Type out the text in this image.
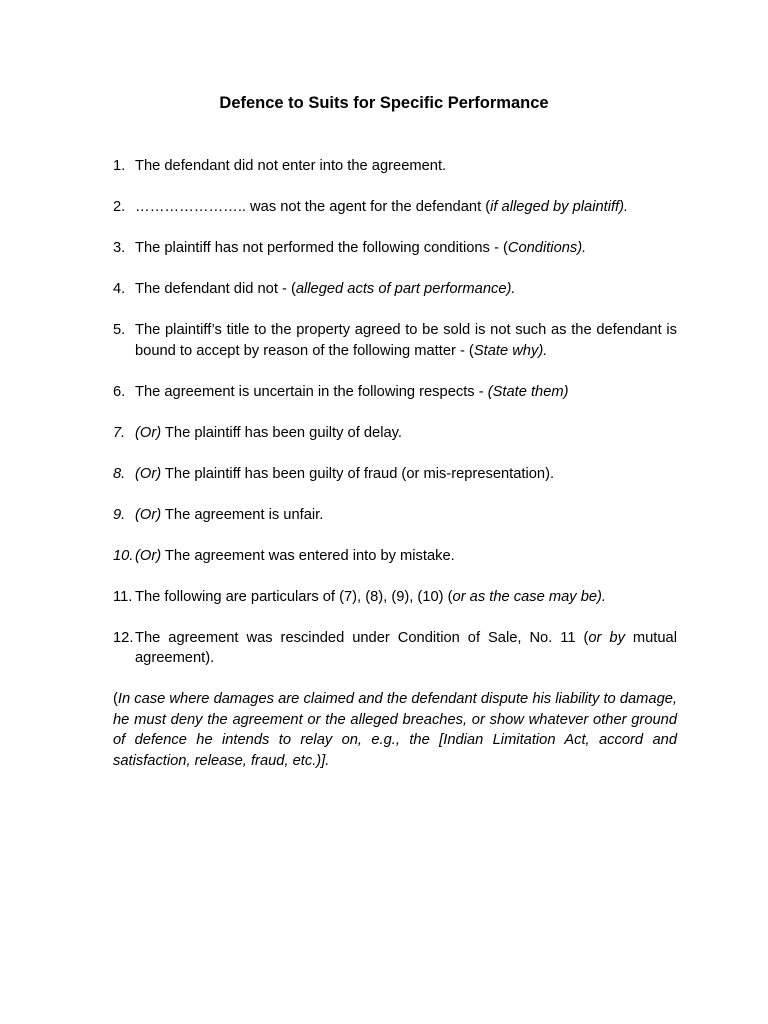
Defence to Suits for Specific Performance
1. The defendant did not enter into the agreement.
2. ………………….. was not the agent for the defendant (if alleged by plaintiff).
3. The plaintiff has not performed the following conditions - (Conditions).
4. The defendant did not - (alleged acts of part performance).
5. The plaintiff’s title to the property agreed to be sold is not such as the defendant is bound to accept by reason of the following matter - (State why).
6. The agreement is uncertain in the following respects - (State them)
7. (Or) The plaintiff has been guilty of delay.
8. (Or) The plaintiff has been guilty of fraud (or mis-representation).
9. (Or) The agreement is unfair.
10. (Or) The agreement was entered into by mistake.
11. The following are particulars of (7), (8), (9), (10) (or as the case may be).
12. The agreement was rescinded under Condition of Sale, No. 11 (or by mutual agreement).

(In case where damages are claimed and the defendant dispute his liability to damage, he must deny the agreement or the alleged breaches, or show whatever other ground of defence he intends to relay on, e.g., the [Indian Limitation Act, accord and satisfaction, release, fraud, etc.)].
